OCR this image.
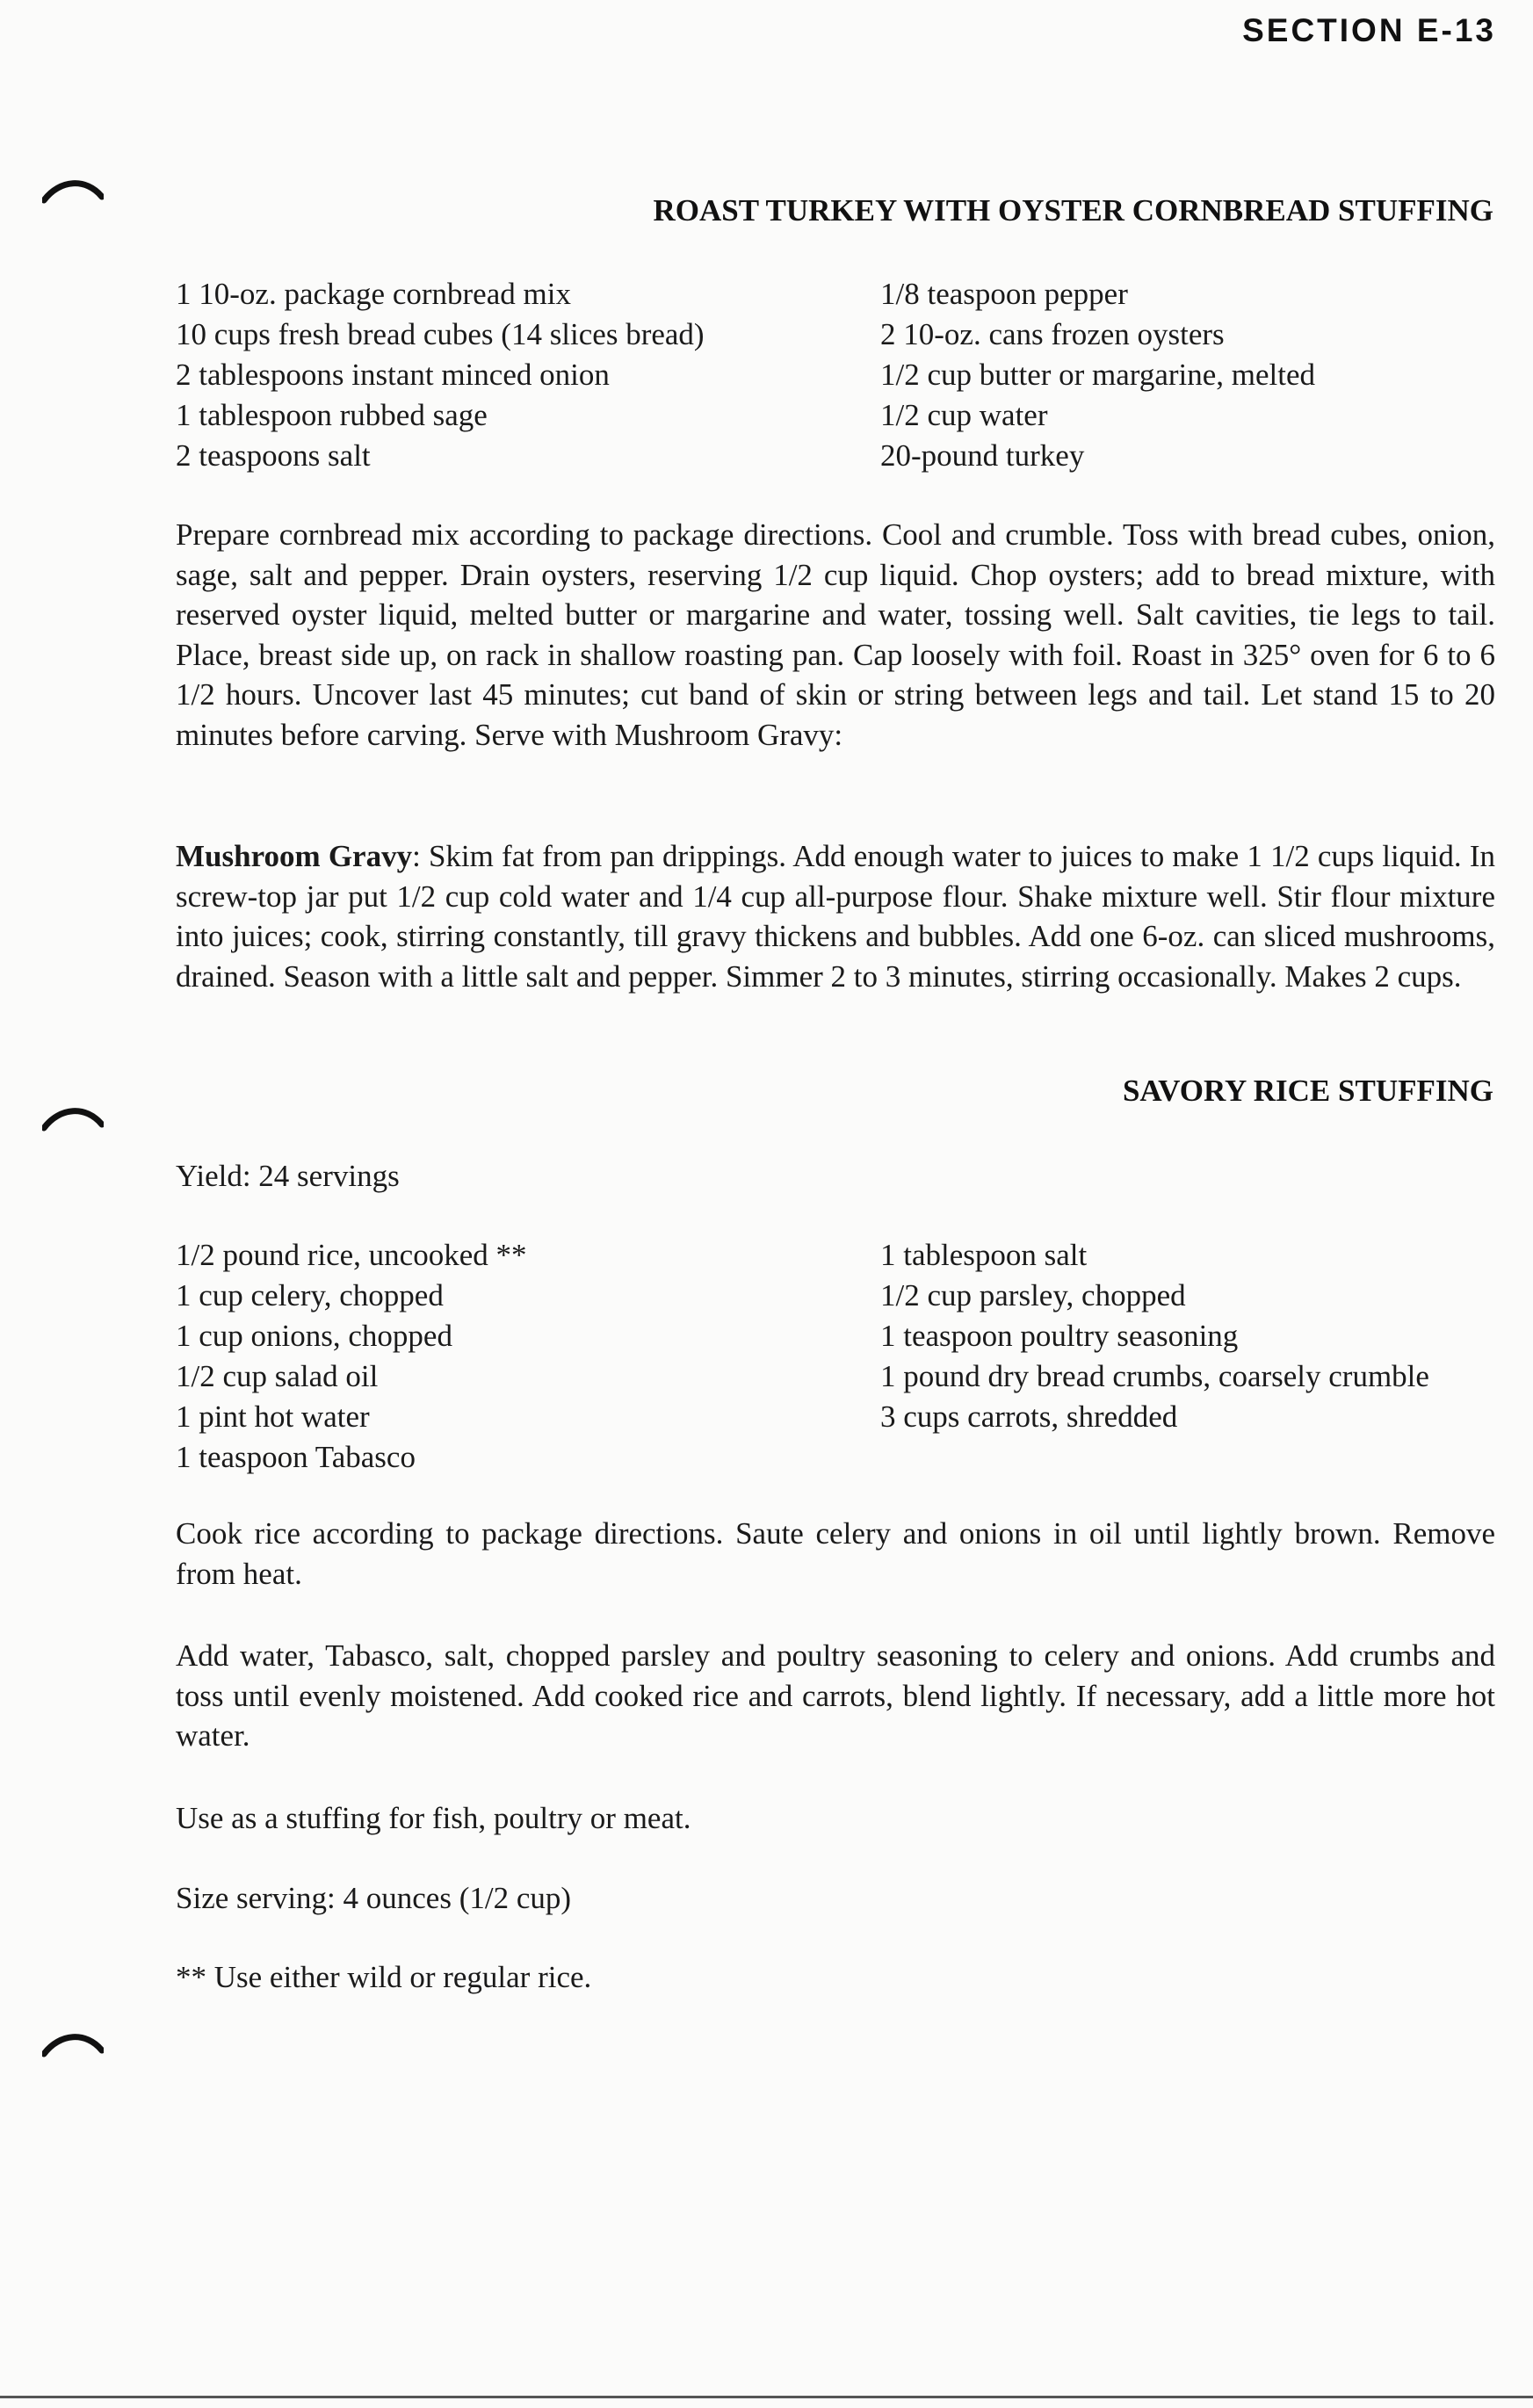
SECTION E-13
ROAST TURKEY WITH OYSTER CORNBREAD STUFFING
1 10-oz. package cornbread mix
10 cups fresh bread cubes (14 slices bread)
2 tablespoons instant minced onion
1 tablespoon rubbed sage
2 teaspoons salt
1/8 teaspoon pepper
2 10-oz. cans frozen oysters
1/2 cup butter or margarine, melted
1/2 cup water
20-pound turkey
Prepare cornbread mix according to package directions. Cool and crumble. Toss with bread cubes, onion, sage, salt and pepper. Drain oysters, reserving 1/2 cup liquid. Chop oysters; add to bread mixture, with reserved oyster liquid, melted butter or margarine and water, tossing well. Salt cavities, tie legs to tail. Place, breast side up, on rack in shallow roasting pan. Cap loosely with foil. Roast in 325° oven for 6 to 6 1/2 hours. Uncover last 45 minutes; cut band of skin or string between legs and tail. Let stand 15 to 20 minutes before carving. Serve with Mushroom Gravy:
Mushroom Gravy: Skim fat from pan drippings. Add enough water to juices to make 1 1/2 cups liquid. In screw-top jar put 1/2 cup cold water and 1/4 cup all-purpose flour. Shake mixture well. Stir flour mixture into juices; cook, stirring constantly, till gravy thickens and bubbles. Add one 6-oz. can sliced mushrooms, drained. Season with a little salt and pepper. Simmer 2 to 3 minutes, stirring occasionally. Makes 2 cups.
SAVORY RICE STUFFING
Yield: 24 servings
1/2 pound rice, uncooked **
1 cup celery, chopped
1 cup onions, chopped
1/2 cup salad oil
1 pint hot water
1 teaspoon Tabasco
1 tablespoon salt
1/2 cup parsley, chopped
1 teaspoon poultry seasoning
1 pound dry bread crumbs, coarsely crumble
3 cups carrots, shredded
Cook rice according to package directions. Saute celery and onions in oil until lightly brown. Remove from heat.
Add water, Tabasco, salt, chopped parsley and poultry seasoning to celery and onions. Add crumbs and toss until evenly moistened. Add cooked rice and carrots, blend lightly. If necessary, add a little more hot water.
Use as a stuffing for fish, poultry or meat.
Size serving: 4 ounces (1/2 cup)
** Use either wild or regular rice.
